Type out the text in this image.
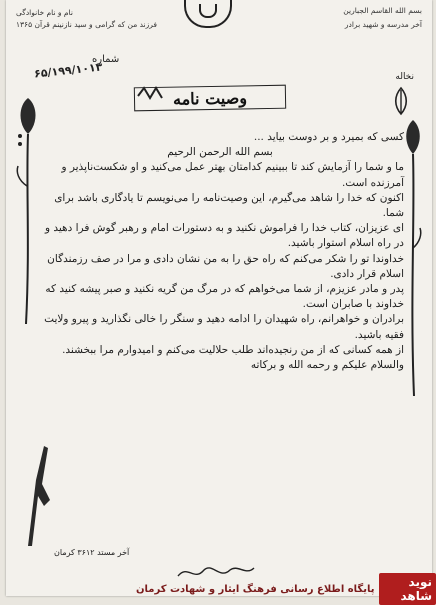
بسم الله القاسم الجبارين
آخر مدرسه و شهید برادر
نام و نام خانوادگی
فرزند من که گرامی و سید نازنینم قرآن ۱۳۶۵
شماره
۶۵/۱۹۹/۱۰۱۳
وصیت نامه
نخاله

کسی که بمیرد و بر دوست بیاید ...

بسم الله الرحمن الرحیم

ما و شما را آزمایش کند تا ببینیم کدامتان بهتر عمل می‌کنید و او شکست‌ناپذیر و آمرزنده است.

اکنون که خدا را شاهد می‌گیرم، این وصیت‌نامه را می‌نویسم تا یادگاری باشد برای شما.

ای عزیزان، کتاب خدا را فراموش نکنید و به دستورات امام و رهبر گوش فرا دهید و در راه اسلام استوار باشید.

خداوندا تو را شکر می‌کنم که راه حق را به من نشان دادی و مرا در صف رزمندگان اسلام قرار دادی.

پدر و مادر عزیزم، از شما می‌خواهم که در مرگ من گریه نکنید و صبر پیشه کنید که خداوند با صابران است.

برادران و خواهرانم، راه شهیدان را ادامه دهید و سنگر را خالی نگذارید و پیرو ولایت فقیه باشید.

از همه کسانی که از من رنجیده‌اند طلب حلالیت می‌کنم و امیدوارم مرا ببخشند.

والسلام علیکم و رحمه الله و برکاته

آخر مستد ۳۶۱۲ کرمان
پایگاه اطلاع رسانی فرهنگ ایثار و شهادت کرمان	نوید شاهد
